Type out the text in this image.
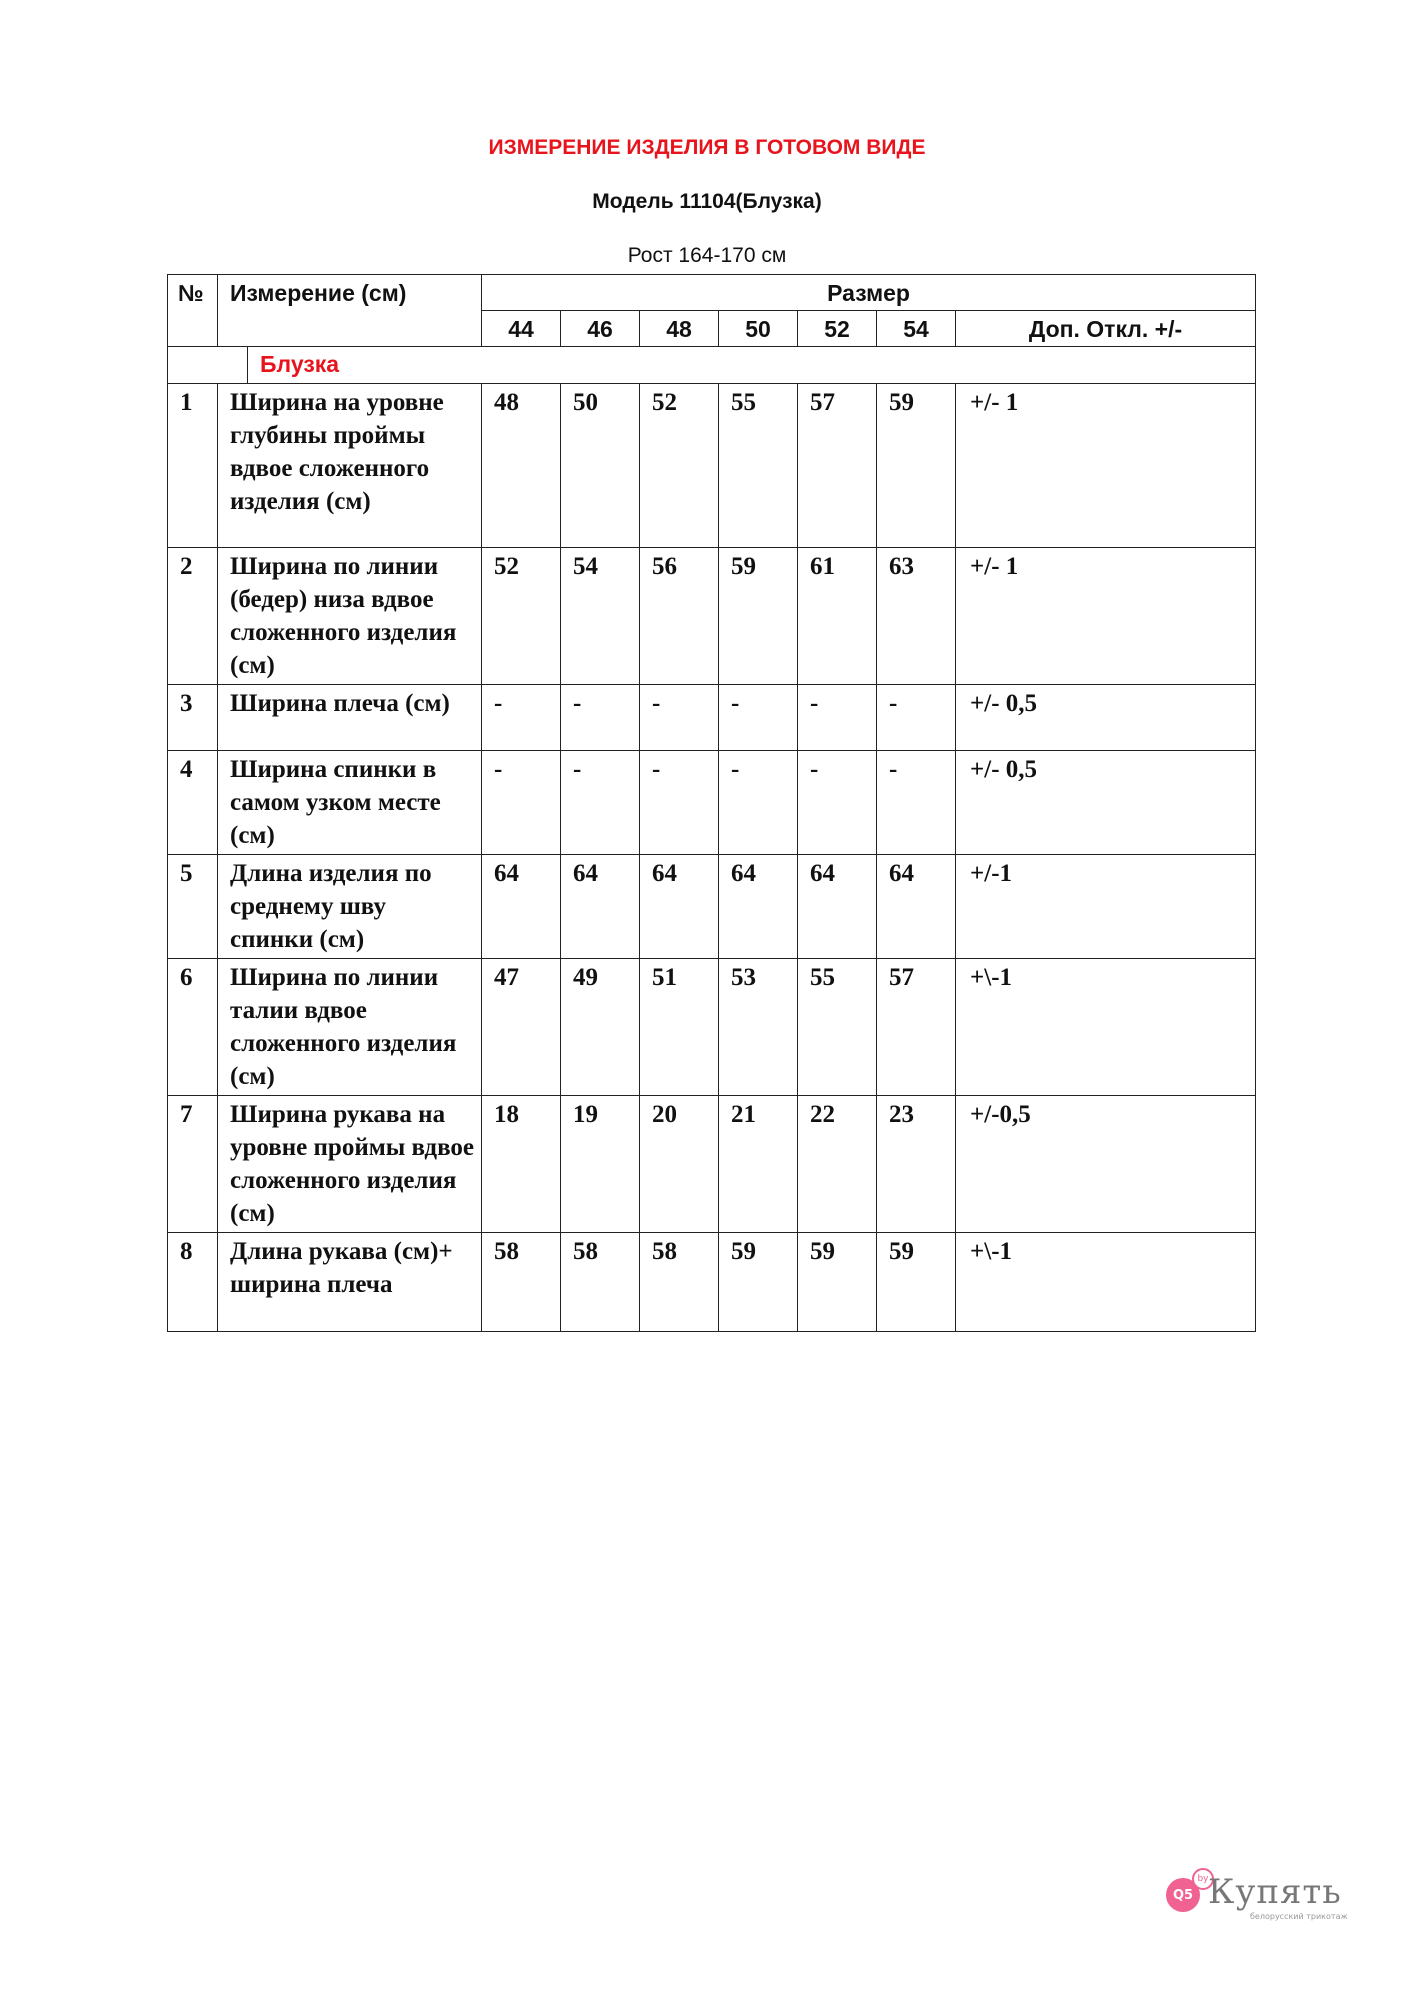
ИЗМЕРЕНИЕ ИЗДЕЛИЯ В ГОТОВОМ ВИДЕ
Модель 11104(Блузка)
Рост 164-170 см
№	Измерение (см)	Размер						
		44	46	48	50	52	54	Доп. Откл. +/-

Блузка								

1	Ширина на уровне глубины проймы вдвое сложенного изделия (см)	48	50	52	55	57	59	+/- 1
2	Ширина по линии (бедер) низа вдвое сложенного изделия (см)	52	54	56	59	61	63	+/- 1
3	Ширина плеча (см)	-	-	-	-	-	-	+/- 0,5
4	Ширина спинки в самом узком месте (см)	-	-	-	-	-	-	+/- 0,5
5	Длина изделия по среднему шву спинки (см)	64	64	64	64	64	64	+/-1
6	Ширина по линии талии вдвое сложенного изделия (см)	47	49	51	53	55	57	+\-1
7	Ширина рукава на уровне проймы вдвое сложенного изделия (см)	18	19	20	21	22	23	+/-0,5
8	Длина рукава (см)+ ширина плеча	58	58	58	59	59	59	+\-1
Q5
by Купять
белорусский трикотаж
